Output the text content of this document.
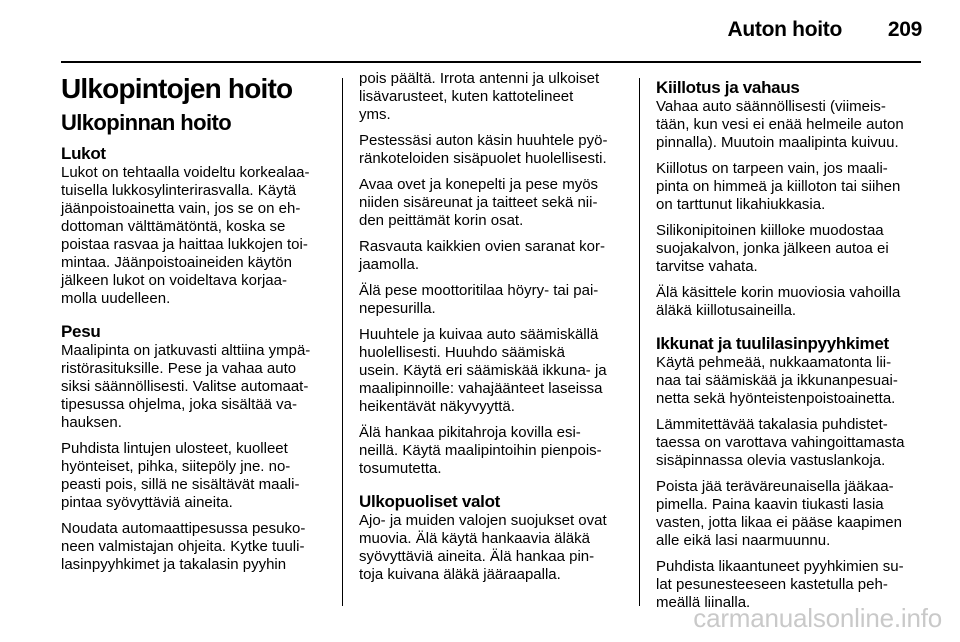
Auton hoito 209
Ulkopintojen hoito
Ulkopinnan hoito
Lukot
Lukot on tehtaalla voideltu korkealaa-
tuisella lukkosylinterirasvalla. Käytä
jäänpoistoainetta vain, jos se on eh-
dottoman välttämätöntä, koska se
poistaa rasvaa ja haittaa lukkojen toi-
mintaa. Jäänpoistoaineiden käytön
jälkeen lukot on voideltava korjaa-
molla uudelleen.
Pesu
Maalipinta on jatkuvasti alttiina ympä-
ristörasituksille. Pese ja vahaa auto
siksi säännöllisesti. Valitse automaat-
tipesussa ohjelma, joka sisältää va-
hauksen.
Puhdista lintujen ulosteet, kuolleet
hyönteiset, pihka, siitepöly jne. no-
peasti pois, sillä ne sisältävät maali-
pintaa syövyttäviä aineita.
Noudata automaattipesussa pesuko-
neen valmistajan ohjeita. Kytke tuuli-
lasinpyyhkimet ja takalasin pyyhin
pois päältä. Irrota antenni ja ulkoiset
lisävarusteet, kuten kattotelineet
yms.
Pestessäsi auton käsin huuhtele pyö-
ränkoteloiden sisäpuolet huolellisesti.
Avaa ovet ja konepelti ja pese myös
niiden sisäreunat ja taitteet sekä nii-
den peittämät korin osat.
Rasvauta kaikkien ovien saranat kor-
jaamolla.
Älä pese moottoritilaa höyry- tai pai-
nepesurilla.
Huuhtele ja kuivaa auto säämiskällä
huolellisesti. Huuhdo säämiskä
usein. Käytä eri säämiskää ikkuna- ja
maalipinnoille: vahajäänteet laseissa
heikentävät näkyvyyttä.
Älä hankaa pikitahroja kovilla esi-
neillä. Käytä maalipintoihin pienpois-
tosumutetta.
Ulkopuoliset valot
Ajo- ja muiden valojen suojukset ovat
muovia. Älä käytä hankaavia äläkä
syövyttäviä aineita. Älä hankaa pin-
toja kuivana äläkä jääraapalla.
Kiillotus ja vahaus
Vahaa auto säännöllisesti (viimeis-
tään, kun vesi ei enää helmeile auton
pinnalla). Muutoin maalipinta kuivuu.
Kiillotus on tarpeen vain, jos maali-
pinta on himmeä ja kiilloton tai siihen
on tarttunut likahiukkasia.
Silikonipitoinen kiilloke muodostaa
suojakalvon, jonka jälkeen autoa ei
tarvitse vahata.
Älä käsittele korin muoviosia vahoilla
äläkä kiillotusaineilla.
Ikkunat ja tuulilasinpyyhkimet
Käytä pehmeää, nukkaamatonta lii-
naa tai säämiskää ja ikkunanpesuai-
netta sekä hyönteistenpoistoainetta.
Lämmitettävää takalasia puhdistet-
taessa on varottava vahingoittamasta
sisäpinnassa olevia vastuslankoja.
Poista jää teräväreunaisella jääkaa-
pimella. Paina kaavin tiukasti lasia
vasten, jotta likaa ei pääse kaapimen
alle eikä lasi naarmuunnu.
Puhdista likaantuneet pyyhkimien su-
lat pesunesteeseen kastetulla peh-
meällä liinalla.
carmanualsonline.info
